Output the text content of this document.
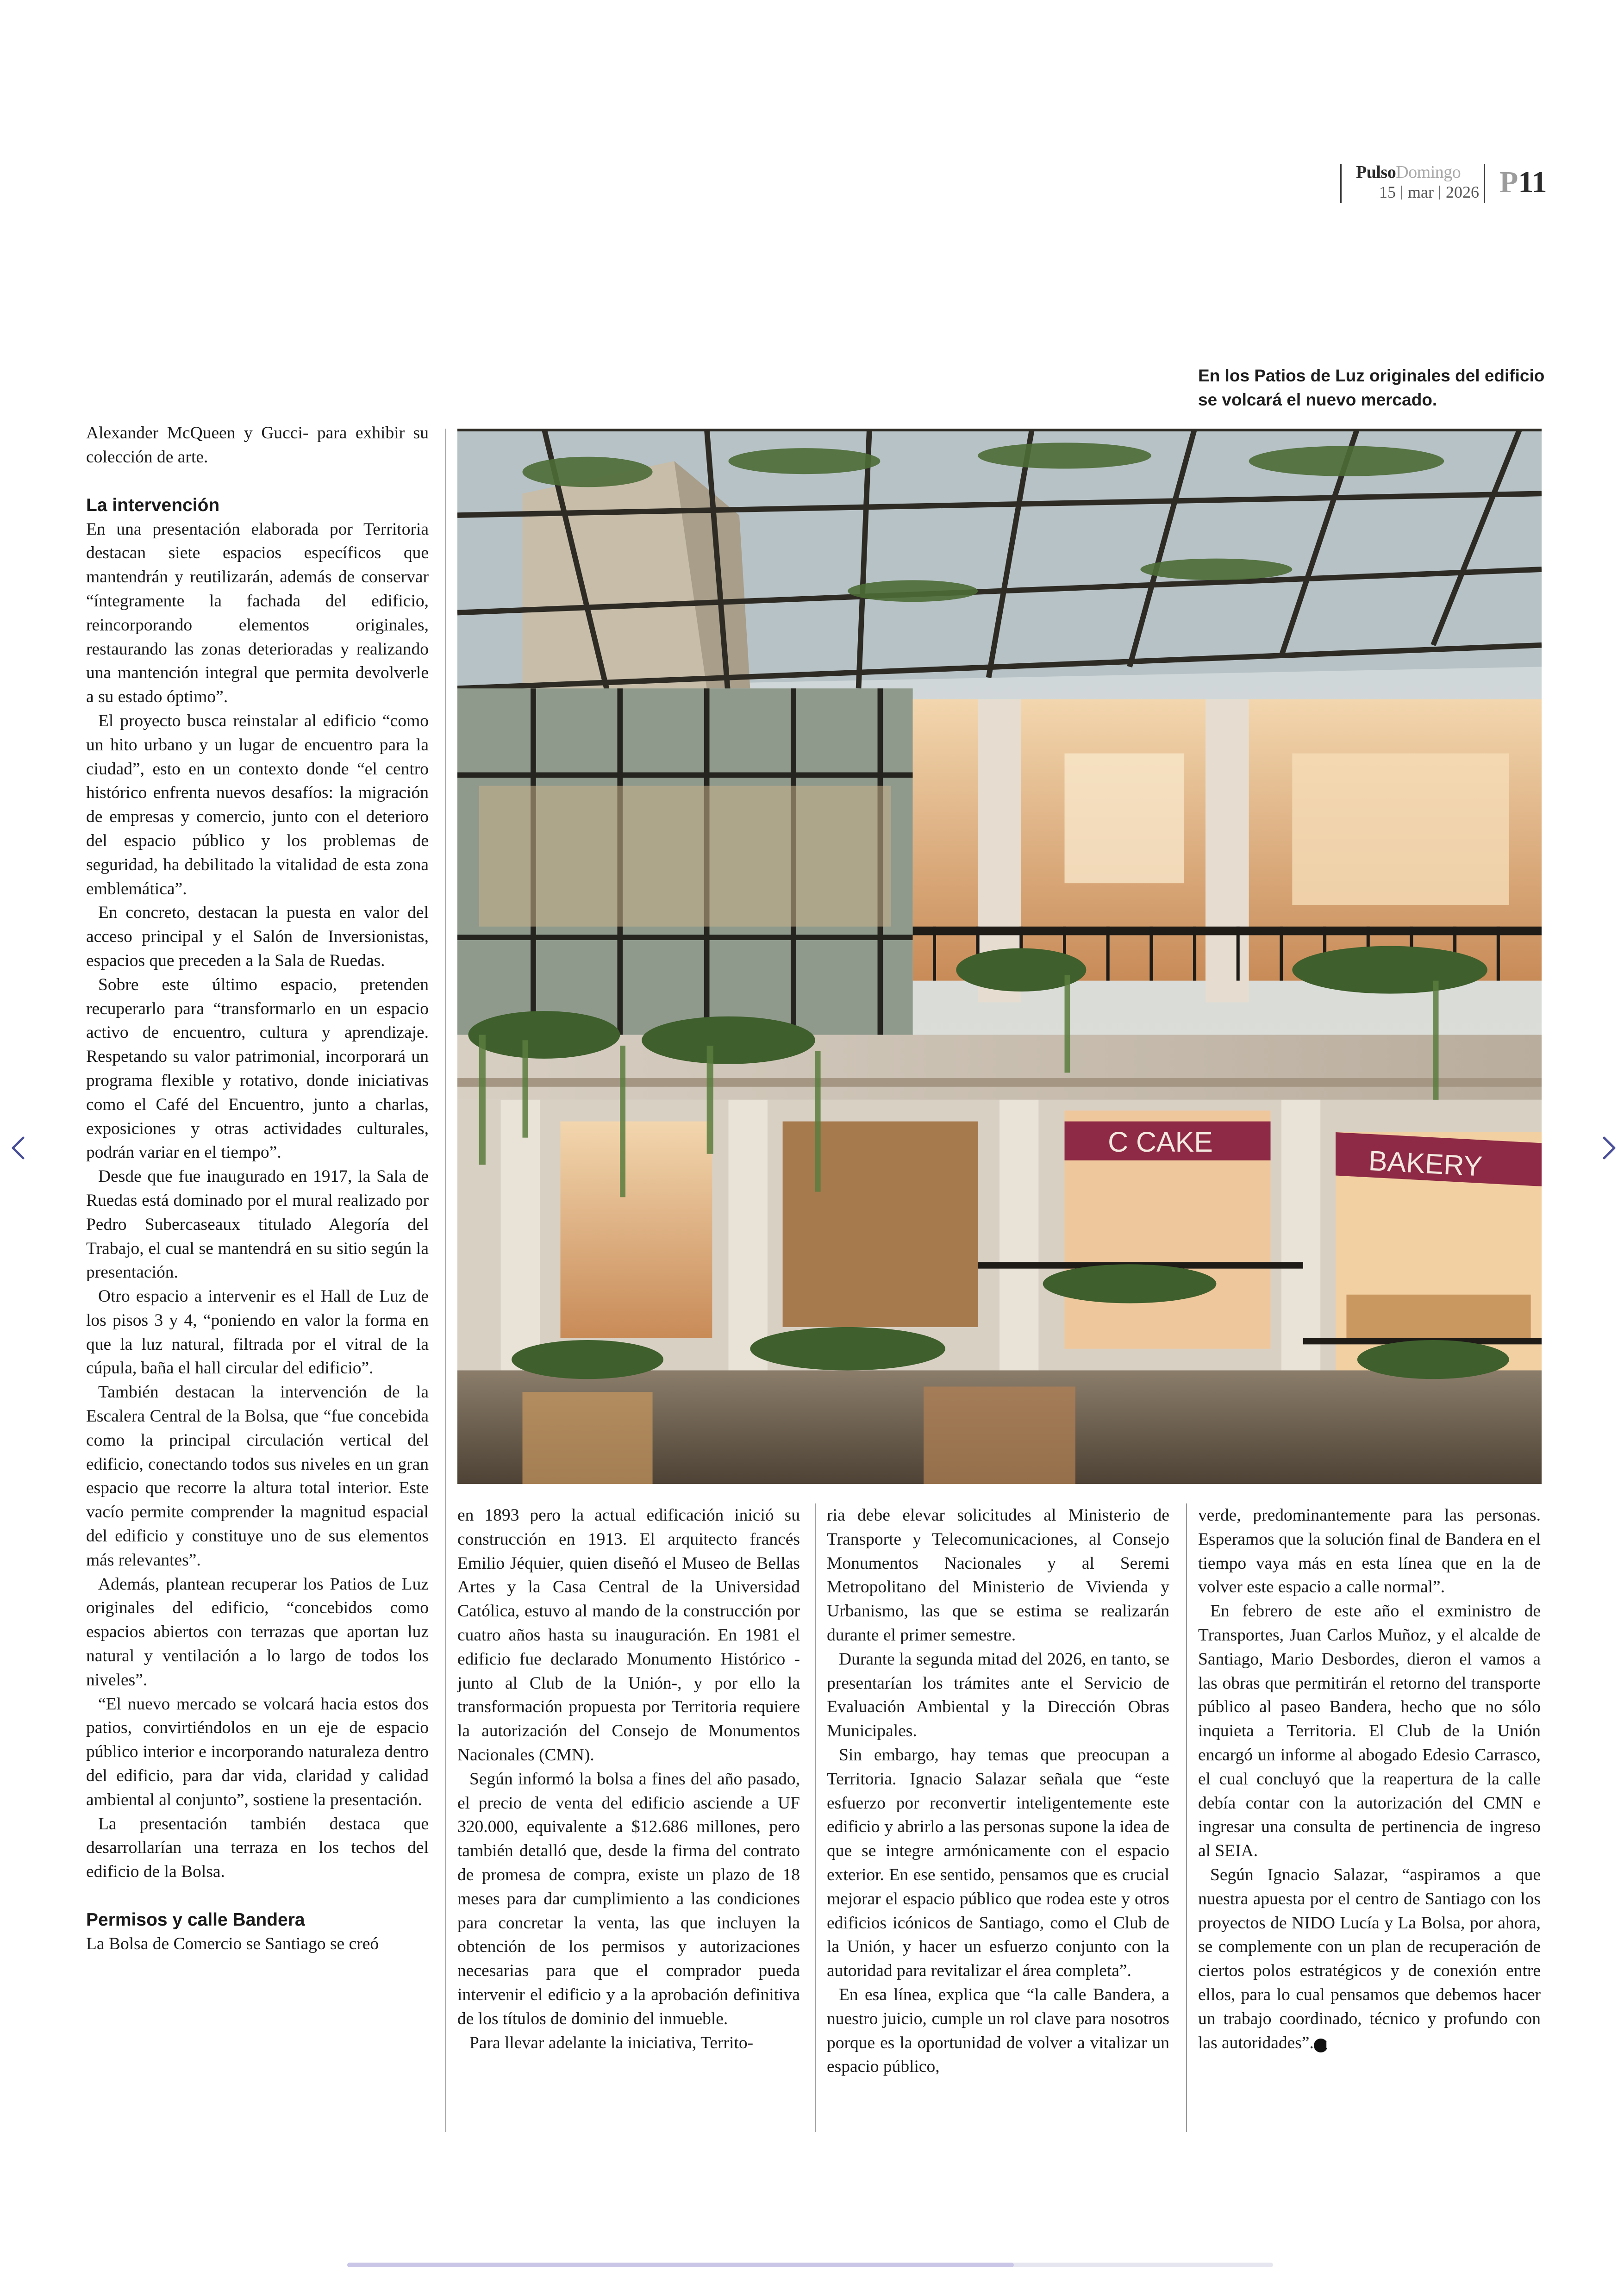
PulsoDomingo
15 mar 2026 P11
En los Patios de Luz originales del edificio se volcará el nuevo mercado.
C CAKE
BAKERY

Alexander McQueen y Gucci- para exhibir su colección de arte.

La intervención

En una presentación elaborada por Territoria destacan siete espacios específicos que mantendrán y reutilizarán, además de conservar “íntegramente la fachada del edificio, reincorporando elementos originales, restaurando las zonas deterioradas y realizando una mantención integral que permita devolverle a su estado óptimo”.

El proyecto busca reinstalar al edificio “como un hito urbano y un lugar de encuentro para la ciudad”, esto en un contexto donde “el centro histórico enfrenta nuevos desafíos: la migración de empresas y comercio, junto con el deterioro del espacio público y los problemas de seguridad, ha debilitado la vitalidad de esta zona emblemática”.

En concreto, destacan la puesta en valor del acceso principal y el Salón de Inversionistas, espacios que preceden a la Sala de Ruedas.

Sobre este último espacio, pretenden recuperarlo para “transformarlo en un espacio activo de encuentro, cultura y aprendizaje. Respetando su valor patrimonial, incorporará un programa flexible y rotativo, donde iniciativas como el Café del Encuentro, junto a charlas, exposiciones y otras actividades culturales, podrán variar en el tiempo”.

Desde que fue inaugurado en 1917, la Sala de Ruedas está dominado por el mural realizado por Pedro Subercaseaux titulado Alegoría del Trabajo, el cual se mantendrá en su sitio según la presentación.

Otro espacio a intervenir es el Hall de Luz de los pisos 3 y 4, “poniendo en valor la forma en que la luz natural, filtrada por el vitral de la cúpula, baña el hall circular del edificio”.

También destacan la intervención de la Escalera Central de la Bolsa, que “fue concebida como la principal circulación vertical del edificio, conectando todos sus niveles en un gran espacio que recorre la altura total interior. Este vacío permite comprender la magnitud espacial del edificio y constituye uno de sus elementos más relevantes”.

Además, plantean recuperar los Patios de Luz originales del edificio, “concebidos como espacios abiertos con terrazas que aportan luz natural y ventilación a lo largo de todos los niveles”.

“El nuevo mercado se volcará hacia estos dos patios, convirtiéndolos en un eje de espacio público interior e incorporando naturaleza dentro del edificio, para dar vida, claridad y calidad ambiental al conjunto”, sostiene la presentación.

La presentación también destaca que desarrollarían una terraza en los techos del edificio de la Bolsa.

Permisos y calle Bandera

La Bolsa de Comercio se Santiago se creó

en 1893 pero la actual edificación inició su construcción en 1913. El arquitecto francés Emilio Jéquier, quien diseñó el Museo de Bellas Artes y la Casa Central de la Universidad Católica, estuvo al mando de la construcción por cuatro años hasta su inauguración. En 1981 el edificio fue declarado Monumento Histórico -junto al Club de la Unión-, y por ello la transformación propuesta por Territoria requiere la autorización del Consejo de Monumentos Nacionales (CMN).

Según informó la bolsa a fines del año pasado, el precio de venta del edificio asciende a UF 320.000, equivalente a $12.686 millones, pero también detalló que, desde la firma del contrato de promesa de compra, existe un plazo de 18 meses para dar cumplimiento a las condiciones para concretar la venta, las que incluyen la obtención de los permisos y autorizaciones necesarias para que el comprador pueda intervenir el edificio y a la aprobación definitiva de los títulos de dominio del inmueble.

Para llevar adelante la iniciativa, Territo-

ria debe elevar solicitudes al Ministerio de Transporte y Telecomunicaciones, al Consejo Monumentos Nacionales y al Seremi Metropolitano del Ministerio de Vivienda y Urbanismo, las que se estima se realizarán durante el primer semestre.

Durante la segunda mitad del 2026, en tanto, se presentarían los trámites ante el Servicio de Evaluación Ambiental y la Dirección Obras Municipales.

Sin embargo, hay temas que preocupan a Territoria. Ignacio Salazar señala que “este esfuerzo por reconvertir inteligentemente este edificio y abrirlo a las personas supone la idea de que se integre armónicamente con el espacio exterior. En ese sentido, pensamos que es crucial mejorar el espacio público que rodea este y otros edificios icónicos de Santiago, como el Club de la Unión, y hacer un esfuerzo conjunto con la autoridad para revitalizar el área completa”.

En esa línea, explica que “la calle Bandera, a nuestro juicio, cumple un rol clave para nosotros porque es la oportunidad de volver a vitalizar un espacio público,

verde, predominantemente para las personas. Esperamos que la solución final de Bandera en el tiempo vaya más en esta línea que en la de volver este espacio a calle normal”.

En febrero de este año el exministro de Transportes, Juan Carlos Muñoz, y el alcalde de Santiago, Mario Desbordes, dieron el vamos a las obras que permitirán el retorno del transporte público al paseo Bandera, hecho que no sólo inquieta a Territoria. El Club de la Unión encargó un informe al abogado Edesio Carrasco, el cual concluyó que la reapertura de la calle debía contar con la autorización del CMN e ingresar una consulta de pertinencia de ingreso al SEIA.

Según Ignacio Salazar, “aspiramos a que nuestra apuesta por el centro de Santiago con los proyectos de NIDO Lucía y La Bolsa, por ahora, se complemente con un plan de recuperación de ciertos polos estratégicos y de conexión entre ellos, para lo cual pensamos que debemos hacer un trabajo coordinado, técnico y profundo con las autoridades”. P
